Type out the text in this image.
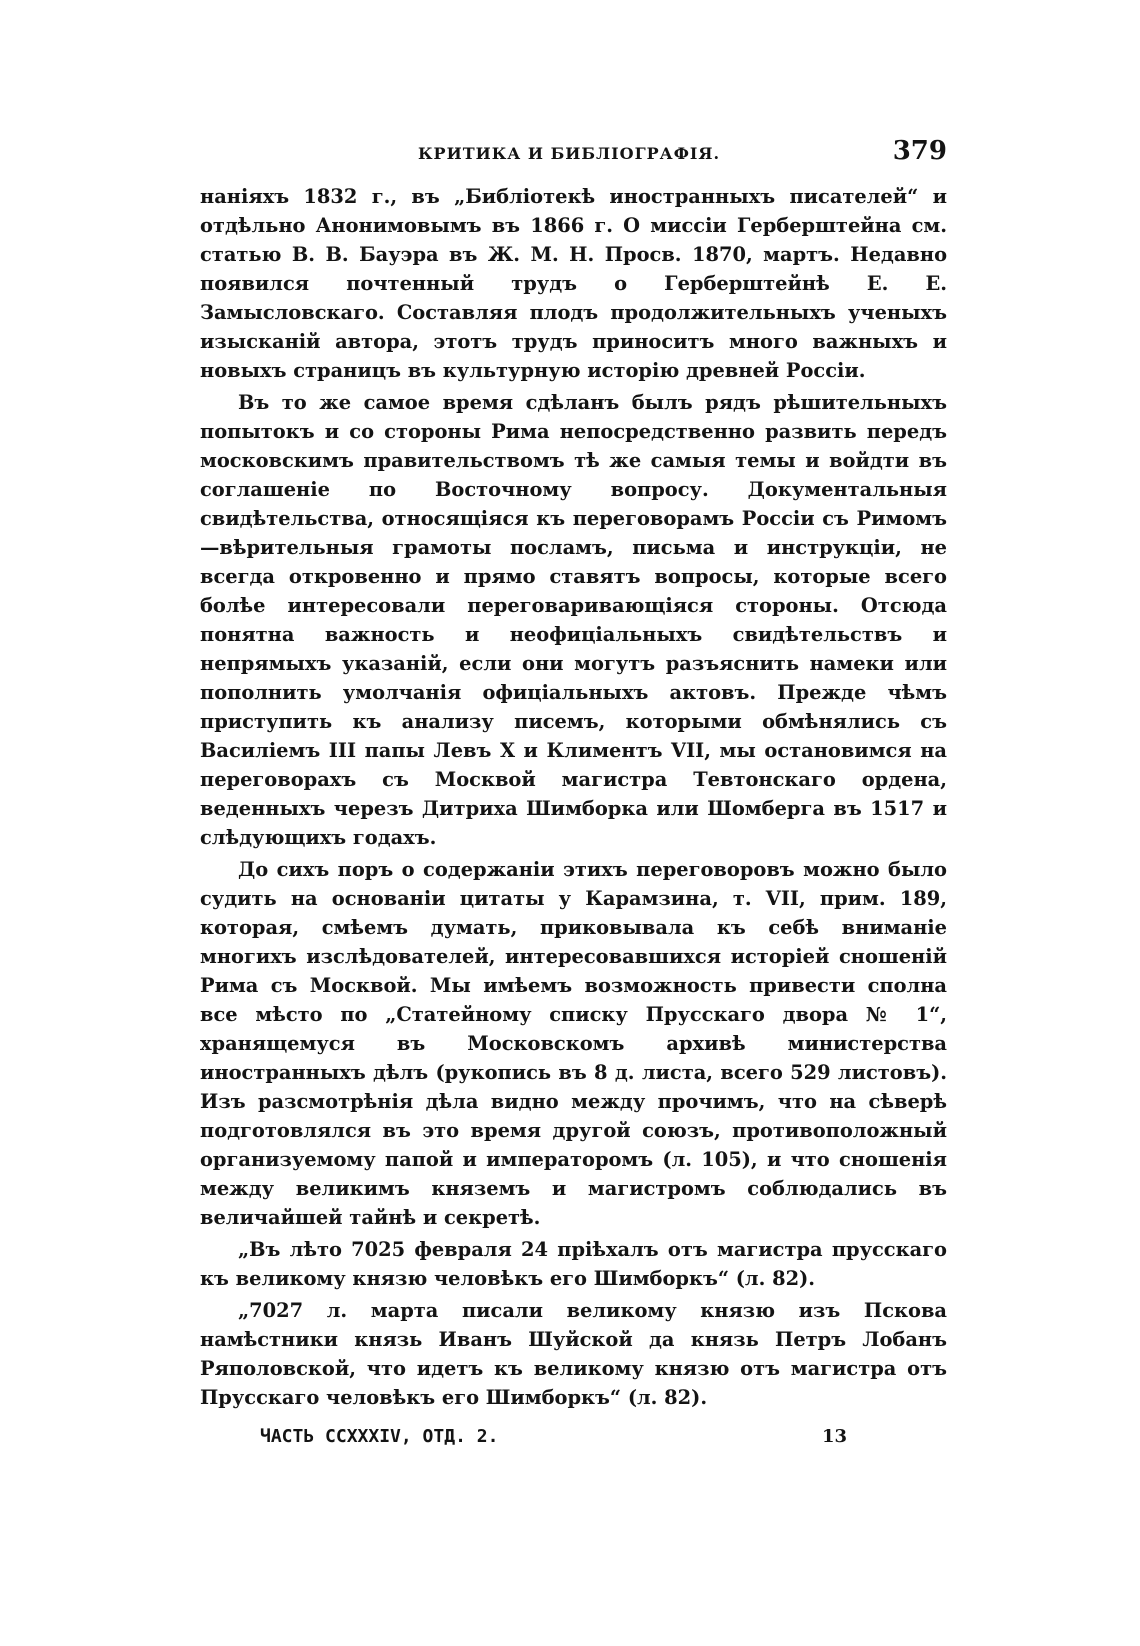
КРИТИКА И БИБЛІОГРАФІЯ.	379

наніяхъ 1832 г., въ „Библіотекѣ иностранныхъ писателей“ и отдѣльно Анонимовымъ въ 1866 г. О миссіи Герберштейна см. статью В. В. Бауэра въ Ж. М. Н. Просв. 1870, мартъ. Недавно появился почтенный трудъ о Герберштейнѣ Е. Е. Замысловскаго. Составляя плодъ продолжительныхъ ученыхъ изысканій автора, этотъ трудъ приноситъ много важныхъ и новыхъ страницъ въ культурную исторію древней Россіи.

Въ то же самое время сдѣланъ былъ рядъ рѣшительныхъ попытокъ и со стороны Рима непосредственно развить передъ московскимъ правительствомъ тѣ же самыя темы и войдти въ соглашеніе по Восточному вопросу. Документальныя свидѣтельства, относящіяся къ переговорамъ Россіи съ Римомъ—вѣрительныя грамоты посламъ, письма и инструкціи, не всегда откровенно и прямо ставятъ вопросы, которые всего болѣе интересовали переговаривающіяся стороны. Отсюда понятна важность и неофиціальныхъ свидѣтельствъ и непрямыхъ указаній, если они могутъ разъяснить намеки или пополнить умолчанія офиціальныхъ актовъ. Прежде чѣмъ приступить къ анализу писемъ, которыми обмѣнялись съ Василіемъ III папы Левъ X и Климентъ VII, мы остановимся на переговорахъ съ Москвой магистра Тевтонскаго ордена, веденныхъ черезъ Дитриха Шимборка или Шомберга въ 1517 и слѣдующихъ годахъ.

До сихъ поръ о содержаніи этихъ переговоровъ можно было судить на основаніи цитаты у Карамзина, т. VII, прим. 189, которая, смѣемъ думать, приковывала къ себѣ вниманіе многихъ изслѣдователей, интересовавшихся исторіей сношеній Рима съ Москвой. Мы имѣемъ возможность привести сполна все мѣсто по „Статейному списку Прусскаго двора № 1“, хранящемуся въ Московскомъ архивѣ министерства иностранныхъ дѣлъ (рукопись въ 8 д. листа, всего 529 листовъ). Изъ разсмотрѣнія дѣла видно между прочимъ, что на сѣверѣ подготовлялся въ это время другой союзъ, противоположный организуемому папой и императоромъ (л. 105), и что сношенія между великимъ княземъ и магистромъ соблюдались въ величайшей тайнѣ и секретѣ.

„Въ лѣто 7025 февраля 24 пріѣхалъ отъ магистра прусскаго къ великому князю человѣкъ его Шимборкъ“ (л. 82).

„7027 л. марта писали великому князю изъ Пскова намѣстники князь Иванъ Шуйской да князь Петръ Лобанъ Ряполовской, что идетъ къ великому князю отъ магистра отъ Прусскаго человѣкъ его Шимборкъ“ (л. 82).

ЧАСТЬ CCXXXIV, ОТД. 2.	13
